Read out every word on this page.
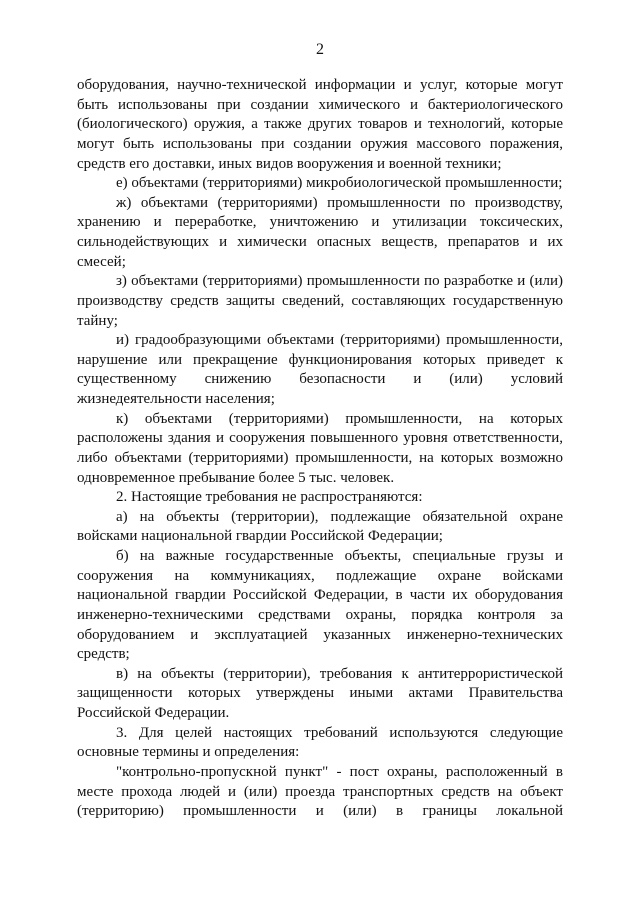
2

оборудования, научно-технической информации и услуг, которые могут быть использованы при создании химического и бактериологического (биологического) оружия, а также других товаров и технологий, которые могут быть использованы при создании оружия массового поражения, средств его доставки, иных видов вооружения и военной техники;

е) объектами (территориями) микробиологической промышленности;

ж) объектами (территориями) промышленности по производству, хранению и переработке, уничтожению и утилизации токсических, сильнодействующих и химически опасных веществ, препаратов и их смесей;

з) объектами (территориями) промышленности по разработке и (или) производству средств защиты сведений, составляющих государственную тайну;

и) градообразующими объектами (территориями) промышленности, нарушение или прекращение функционирования которых приведет к существенному снижению безопасности и (или) условий жизнедеятельности населения;

к) объектами (территориями) промышленности, на которых расположены здания и сооружения повышенного уровня ответственности, либо объектами (территориями) промышленности, на которых возможно одновременное пребывание более 5 тыс. человек.

2. Настоящие требования не распространяются:

а) на объекты (территории), подлежащие обязательной охране войсками национальной гвардии Российской Федерации;

б) на важные государственные объекты, специальные грузы и сооружения на коммуникациях, подлежащие охране войсками национальной гвардии Российской Федерации, в части их оборудования инженерно-техническими средствами охраны, порядка контроля за оборудованием и эксплуатацией указанных инженерно-технических средств;

в) на объекты (территории), требования к антитеррористической защищенности которых утверждены иными актами Правительства Российской Федерации.

3. Для целей настоящих требований используются следующие основные термины и определения:

"контрольно-пропускной пункт" - пост охраны, расположенный в месте прохода людей и (или) проезда транспортных средств на объект (территорию) промышленности и (или) в границы локальной
